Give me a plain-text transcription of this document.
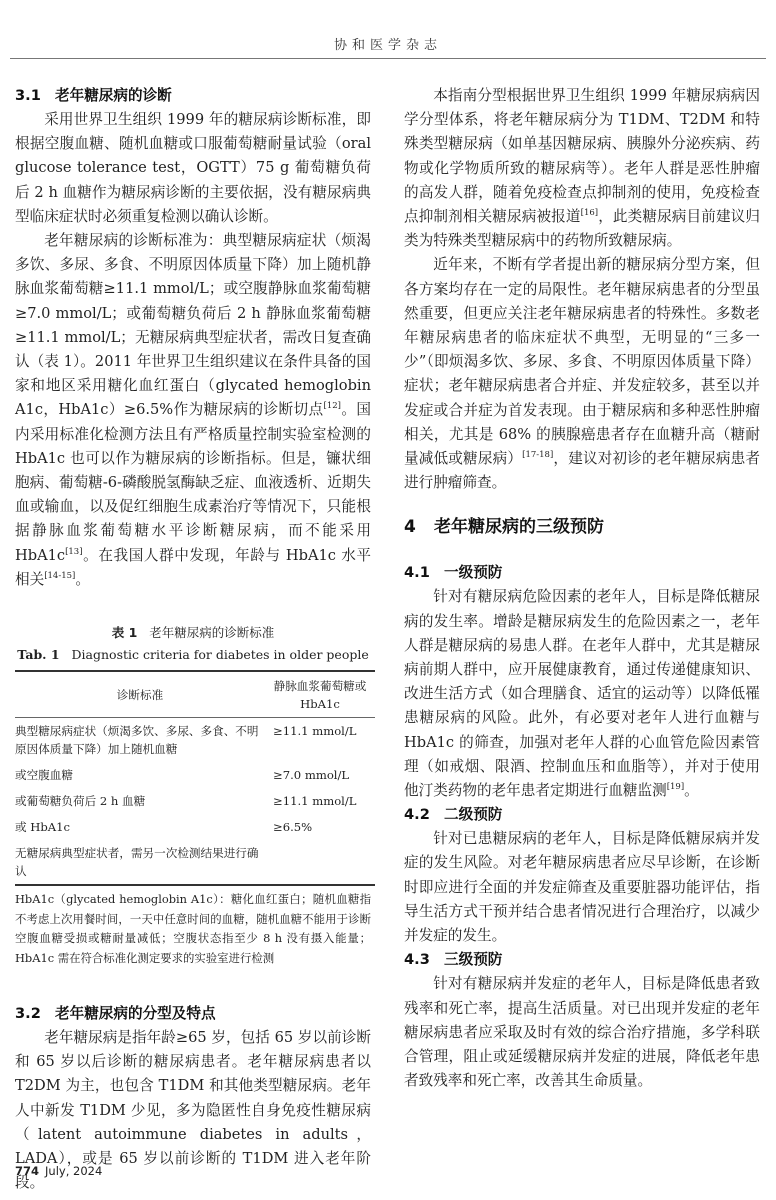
协和医学杂志
3.1 老年糖尿病的诊断

采用世界卫生组织 1999 年的糖尿病诊断标准，即根据空腹血糖、随机血糖或口服葡萄糖耐量试验（oral glucose tolerance test，OGTT）75 g 葡萄糖负荷后 2 h 血糖作为糖尿病诊断的主要依据，没有糖尿病典型临床症状时必须重复检测以确认诊断。

老年糖尿病的诊断标准为：典型糖尿病症状（烦渴多饮、多尿、多食、不明原因体质量下降）加上随机静脉血浆葡萄糖≥11.1 mmol/L；或空腹静脉血浆葡萄糖≥7.0 mmol/L；或葡萄糖负荷后 2 h 静脉血浆葡萄糖≥11.1 mmol/L；无糖尿病典型症状者，需改日复查确认（表 1）。2011 年世界卫生组织建议在条件具备的国家和地区采用糖化血红蛋白（glycated hemoglobin A1c，HbA1c）≥6.5%作为糖尿病的诊断切点[12]。国内采用标准化检测方法且有严格质量控制实验室检测的 HbA1c 也可以作为糖尿病的诊断指标。但是，镰状细胞病、葡萄糖-6-磷酸脱氢酶缺乏症、血液透析、近期失血或输血，以及促红细胞生成素治疗等情况下，只能根据静脉血浆葡萄糖水平诊断糖尿病，而不能采用 HbA1c[13]。在我国人群中发现，年龄与 HbA1c 水平相关[14-15]。

表 1 老年糖尿病的诊断标准
Tab. 1 Diagnostic criteria for diabetes in older people
诊断标准	静脉血浆葡萄糖或 HbA1c
典型糖尿病症状（烦渴多饮、多尿、多食、不明原因体质量下降）加上随机血糖	≥11.1 mmol/L
或空腹血糖	≥7.0 mmol/L
或葡萄糖负荷后 2 h 血糖	≥11.1 mmol/L
或 HbA1c	≥6.5%
无糖尿病典型症状者，需另一次检测结果进行确认	
HbA1c（glycated hemoglobin A1c）：糖化血红蛋白；随机血糖指不考虑上次用餐时间，一天中任意时间的血糖，随机血糖不能用于诊断空腹血糖受损或糖耐量减低；空腹状态指至少 8 h 没有摄入能量；HbA1c 需在符合标准化测定要求的实验室进行检测
3.2 老年糖尿病的分型及特点

老年糖尿病是指年龄≥65 岁，包括 65 岁以前诊断和 65 岁以后诊断的糖尿病患者。老年糖尿病患者以 T2DM 为主，也包含 T1DM 和其他类型糖尿病。老年人中新发 T1DM 少见，多为隐匿性自身免疫性糖尿病（latent autoimmune diabetes in adults，LADA），或是 65 岁以前诊断的 T1DM 进入老年阶段。

本指南分型根据世界卫生组织 1999 年糖尿病病因学分型体系，将老年糖尿病分为 T1DM、T2DM 和特殊类型糖尿病（如单基因糖尿病、胰腺外分泌疾病、药物或化学物质所致的糖尿病等）。老年人群是恶性肿瘤的高发人群，随着免疫检查点抑制剂的使用，免疫检查点抑制剂相关糖尿病被报道[16]，此类糖尿病目前建议归类为特殊类型糖尿病中的药物所致糖尿病。

近年来，不断有学者提出新的糖尿病分型方案，但各方案均存在一定的局限性。老年糖尿病患者的分型虽然重要，但更应关注老年糖尿病患者的特殊性。多数老年糖尿病患者的临床症状不典型，无明显的“三多一少”（即烦渴多饮、多尿、多食、不明原因体质量下降）症状；老年糖尿病患者合并症、并发症较多，甚至以并发症或合并症为首发表现。由于糖尿病和多种恶性肿瘤相关，尤其是 68% 的胰腺癌患者存在血糖升高（糖耐量减低或糖尿病）[17-18]，建议对初诊的老年糖尿病患者进行肿瘤筛查。

4 老年糖尿病的三级预防
4.1 一级预防

针对有糖尿病危险因素的老年人，目标是降低糖尿病的发生率。增龄是糖尿病发生的危险因素之一，老年人群是糖尿病的易患人群。在老年人群中，尤其是糖尿病前期人群中，应开展健康教育，通过传递健康知识、改进生活方式（如合理膳食、适宜的运动等）以降低罹患糖尿病的风险。此外，有必要对老年人进行血糖与 HbA1c 的筛查，加强对老年人群的心血管危险因素管理（如戒烟、限酒、控制血压和血脂等），并对于使用他汀类药物的老年患者定期进行血糖监测[19]。

4.2 二级预防

针对已患糖尿病的老年人，目标是降低糖尿病并发症的发生风险。对老年糖尿病患者应尽早诊断，在诊断时即应进行全面的并发症筛查及重要脏器功能评估，指导生活方式干预并结合患者情况进行合理治疗，以减少并发症的发生。

4.3 三级预防

针对有糖尿病并发症的老年人，目标是降低患者致残率和死亡率，提高生活质量。对已出现并发症的老年糖尿病患者应采取及时有效的综合治疗措施，多学科联合管理，阻止或延缓糖尿病并发症的进展，降低老年患者致残率和死亡率，改善其生命质量。

774 July, 2024
